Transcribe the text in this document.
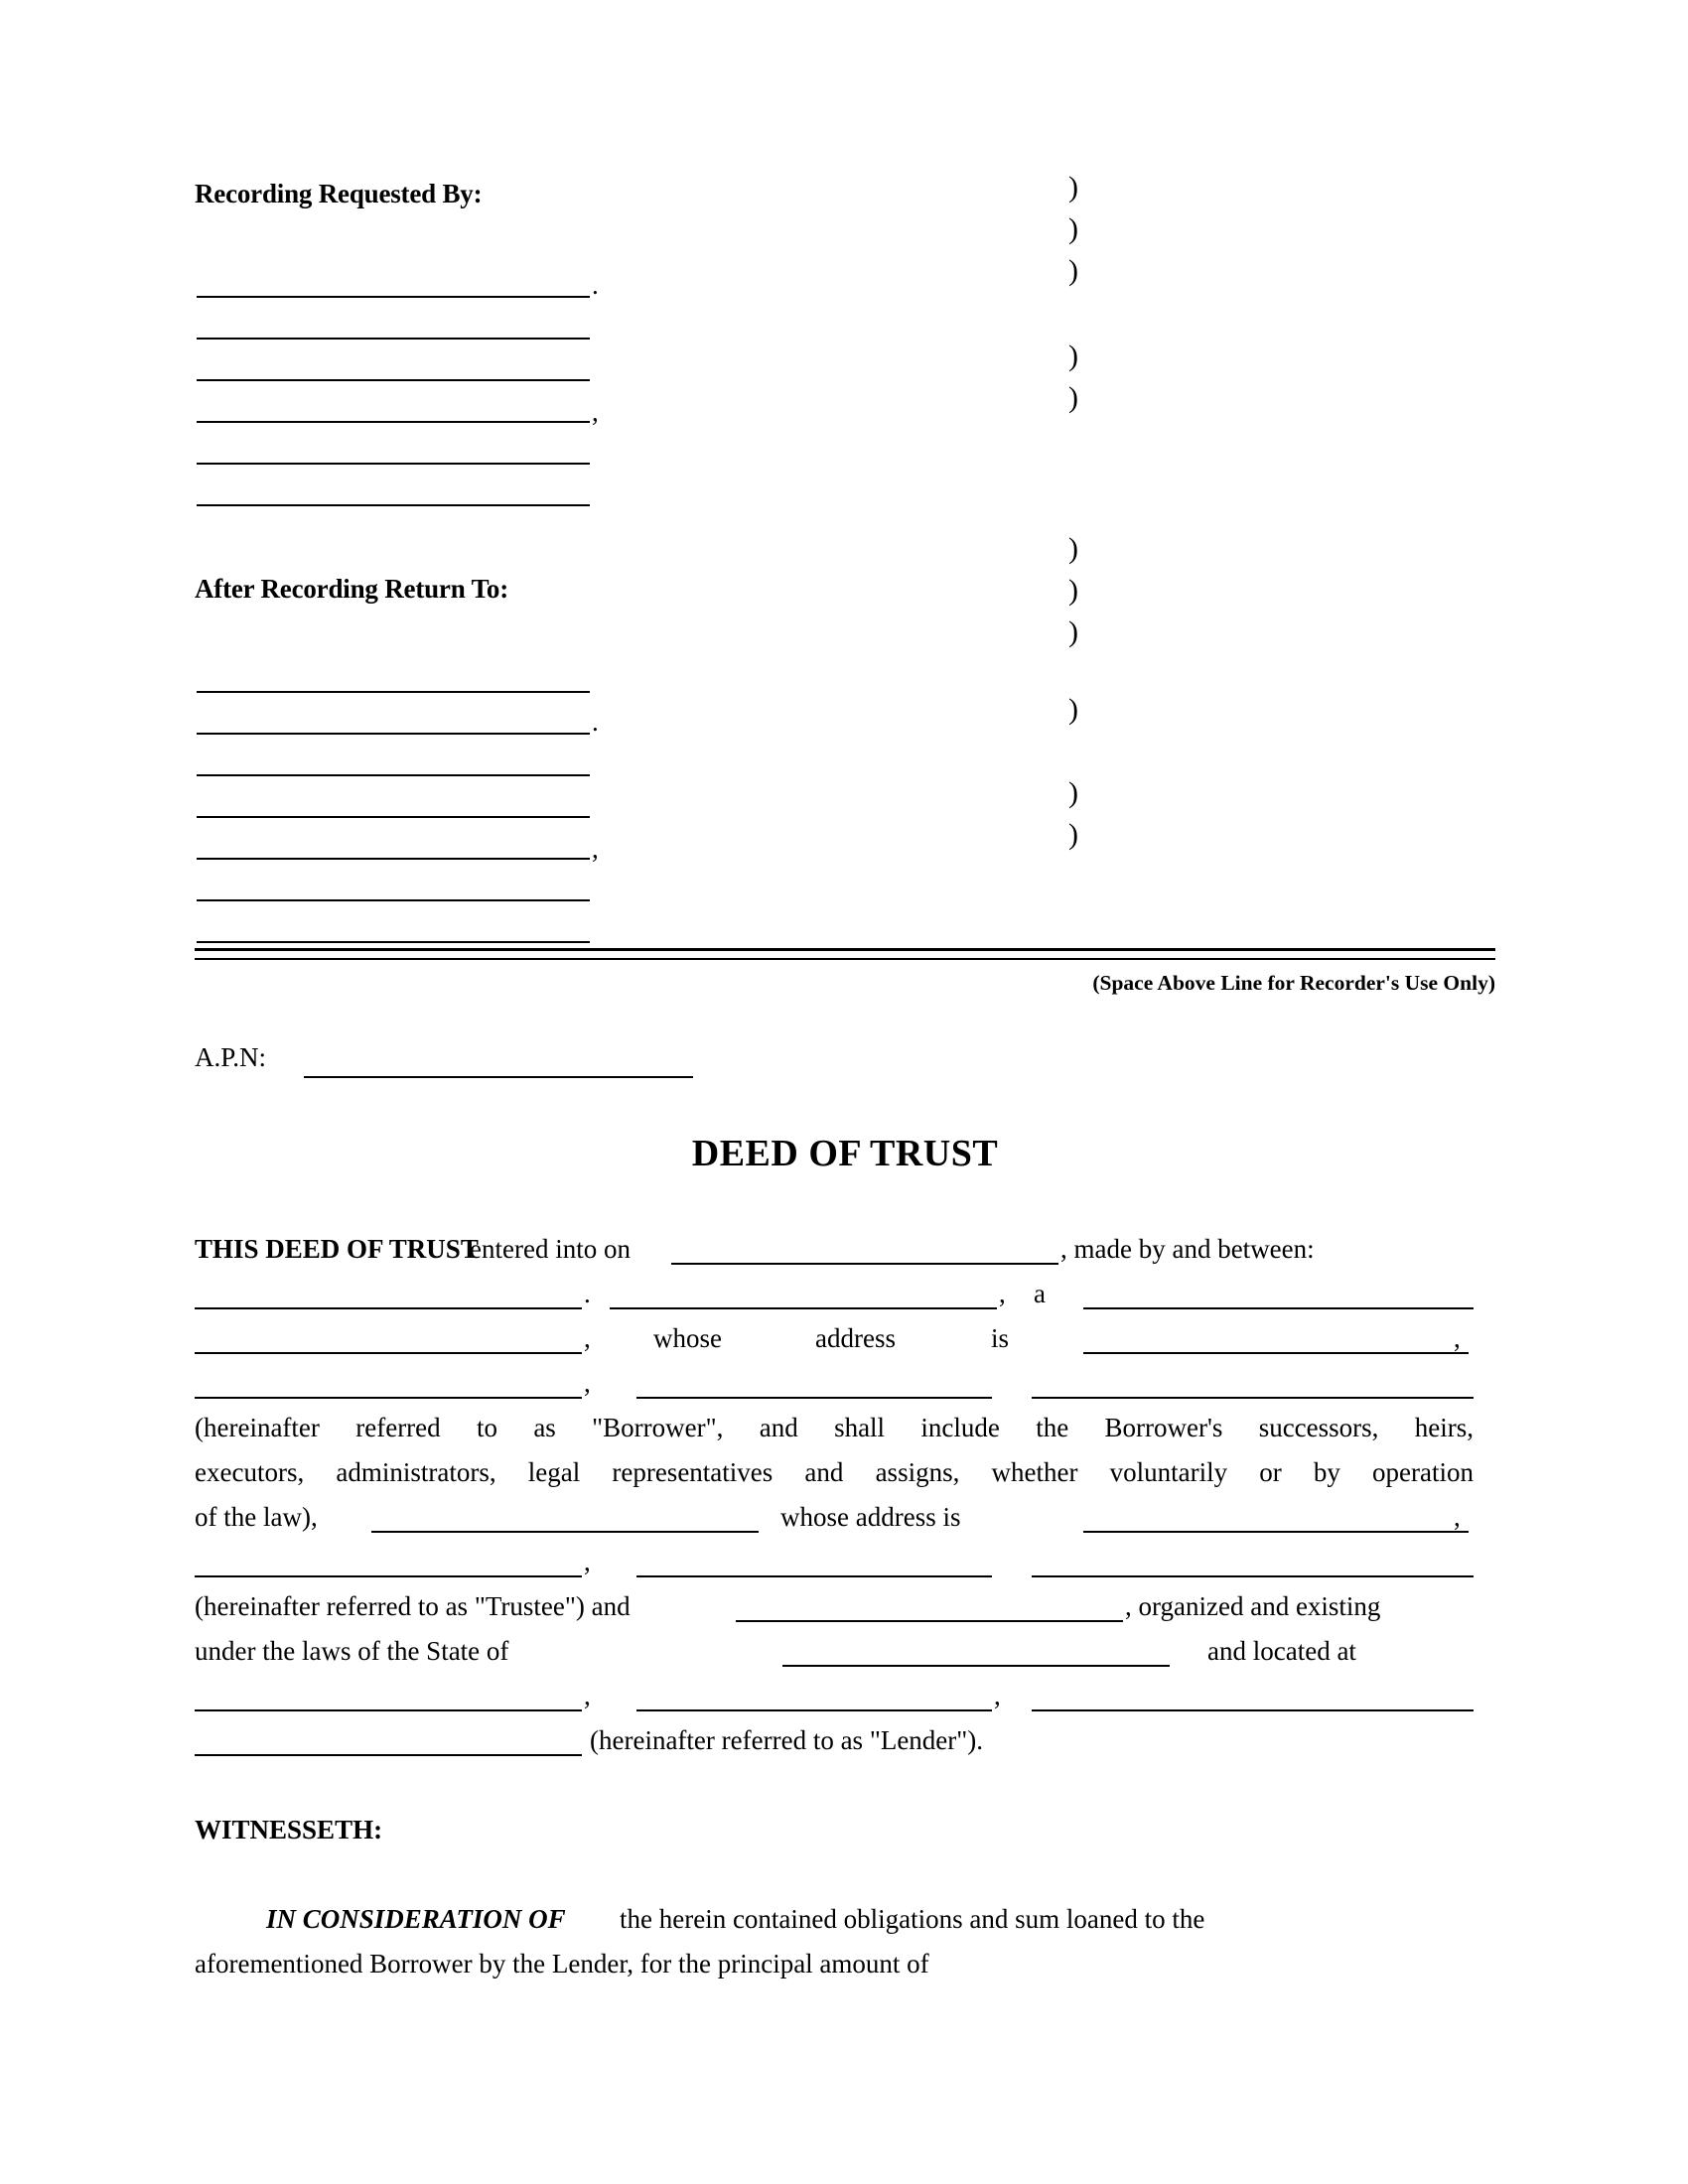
Recording Requested By:	)
)
.	)
)
,	)
)
After Recording Return To:	)
)
.	)
)
,	)
(Space Above Line for Recorder's Use Only)
A.P.N:
DEED OF TRUST
THIS DEED OF TRUST
entered into on	, made by and between:
.	, a
, whose	address	is	,
,
(hereinafter referred to as "Borrower", and shall include the Borrower's successors, heirs,
executors, administrators, legal representatives and assigns, whether voluntarily or by operation
of the law),	whose address is	,
,
(hereinafter referred to as "Trustee") and	, organized and existing
under the laws of the State of	and located at
,	,
(hereinafter referred to as "Lender").
WITNESSETH:
IN CONSIDERATION OF the herein contained obligations and sum loaned to the
aforementioned Borrower by the Lender, for the principal amount of
